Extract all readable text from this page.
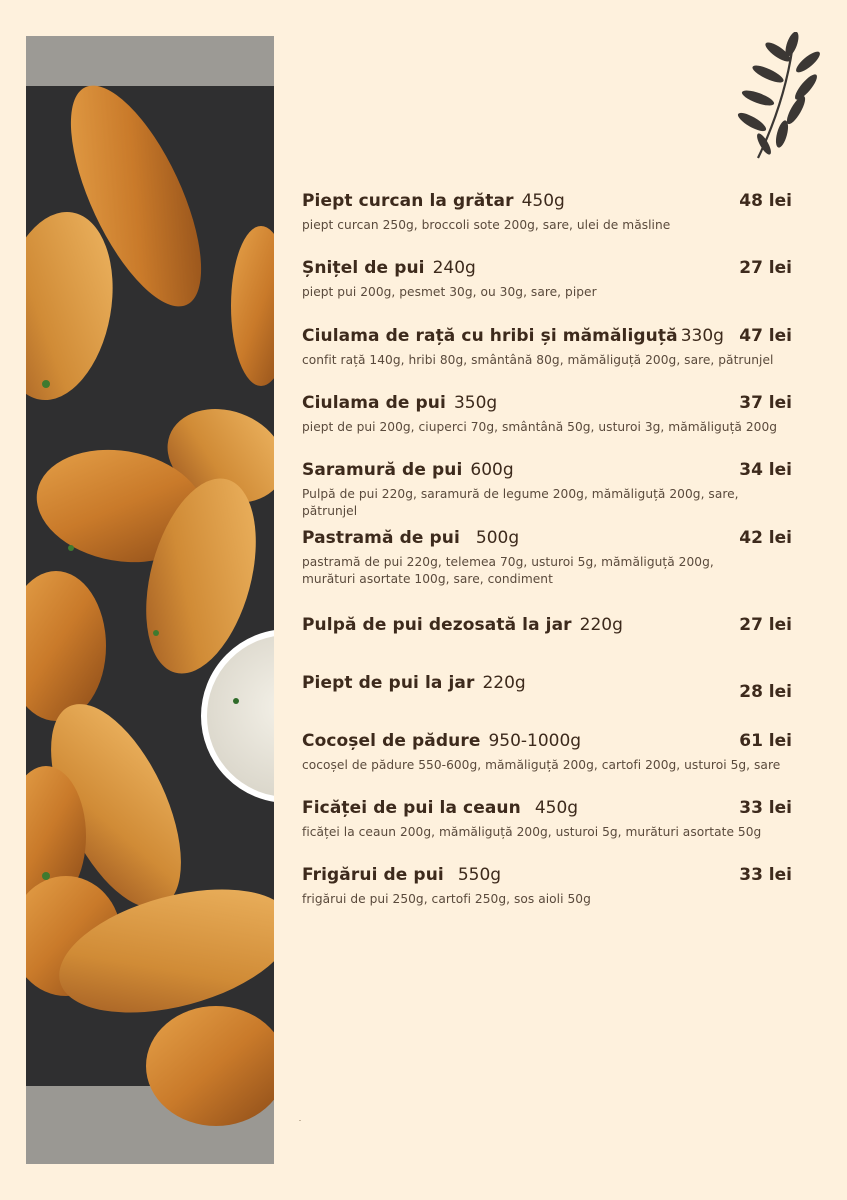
Piept curcan la grătar 450g	48 lei
piept curcan 250g, broccoli sote 200g, sare, ulei de măsline
Șnițel de pui 240g	27 lei
piept pui 200g, pesmet 30g, ou 30g, sare, piper
Ciulama de rață cu hribi și mămăliguță 330g 47 lei
confit rață 140g, hribi 80g, smântână 80g, mămăliguță 200g, sare, pătrunjel
Ciulama de pui 350g	37 lei
piept de pui 200g, ciuperci 70g, smântână 50g, usturoi 3g, mămăliguță 200g
Saramură de pui 600g	34 lei
Pulpă de pui 220g, saramură de legume 200g, mămăliguță 200g, sare, pătrunjel
Pastramă de pui 500g	42 lei
pastramă de pui 220g, telemea 70g, usturoi 5g, mămăliguță 200g, murături asortate 100g, sare, condiment
Pulpă de pui dezosată la jar 220g	27 lei
Piept de pui la jar 220g	28 lei
Cocoșel de pădure 950-1000g	61 lei
cocoșel de pădure 550-600g, mămăliguță 200g, cartofi 200g, usturoi 5g, sare
Ficăței de pui la ceaun 450g	33 lei
ficăței la ceaun 200g, mămăliguță 200g, usturoi 5g, murături asortate 50g
Frigărui de pui 550g	33 lei
frigărui de pui 250g, cartofi 250g, sos aioli 50g
